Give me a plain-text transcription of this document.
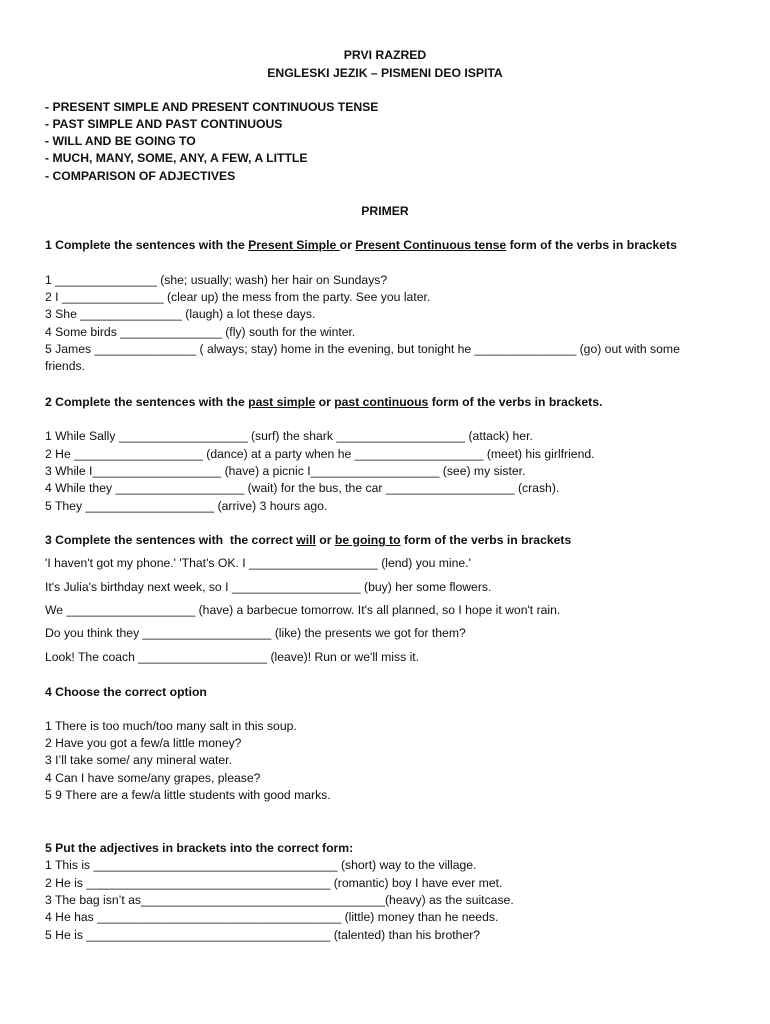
PRVI RAZRED
ENGLESKI JEZIK – PISMENI DEO ISPITA
- PRESENT SIMPLE AND PRESENT CONTINUOUS TENSE
- PAST SIMPLE AND PAST CONTINUOUS
- WILL AND BE GOING TO
- MUCH, MANY, SOME, ANY, A FEW, A LITTLE
- COMPARISON OF ADJECTIVES
PRIMER
1 Complete the sentences with the Present Simple or Present Continuous tense form of the verbs in brackets
1 _______________ (she; usually; wash) her hair on Sundays?
2 I _______________ (clear up) the mess from the party. See you later.
3 She _______________ (laugh) a lot these days.
4 Some birds _______________ (fly) south for the winter.
5 James _______________ ( always; stay) home in the evening, but tonight he _______________ (go) out with some friends.
2 Complete the sentences with the past simple or past continuous form of the verbs in brackets.
1 While Sally ___________________ (surf) the shark ___________________ (attack) her.
2 He ___________________ (dance) at a party when he ___________________ (meet) his girlfriend.
3 While I___________________ (have) a picnic I___________________ (see) my sister.
4 While they ___________________ (wait) for the bus, the car ___________________ (crash).
5 They ___________________ (arrive) 3 hours ago.
3 Complete the sentences with  the correct will or be going to form of the verbs in brackets
'I haven't got my phone.' 'That's OK. I ___________________ (lend) you mine.'
It's Julia's birthday next week, so I ___________________ (buy) her some flowers.
We ___________________ (have) a barbecue tomorrow. It's all planned, so I hope it won't rain.
Do you think they ___________________ (like) the presents we got for them?
Look! The coach ___________________ (leave)! Run or we'll miss it.
4 Choose the correct option
1 There is too much/too many salt in this soup.
2 Have you got a few/a little money?
3 I’ll take some/ any mineral water.
4 Can I have some/any grapes, please?
5 9 There are a few/a little students with good marks.
5 Put the adjectives in brackets into the correct form:
1 This is ____________________________________ (short) way to the village.
2 He is ____________________________________ (romantic) boy I have ever met.
3 The bag isn’t as____________________________________(heavy) as the suitcase.
4 He has ____________________________________ (little) money than he needs.
5 He is ____________________________________ (talented) than his brother?
